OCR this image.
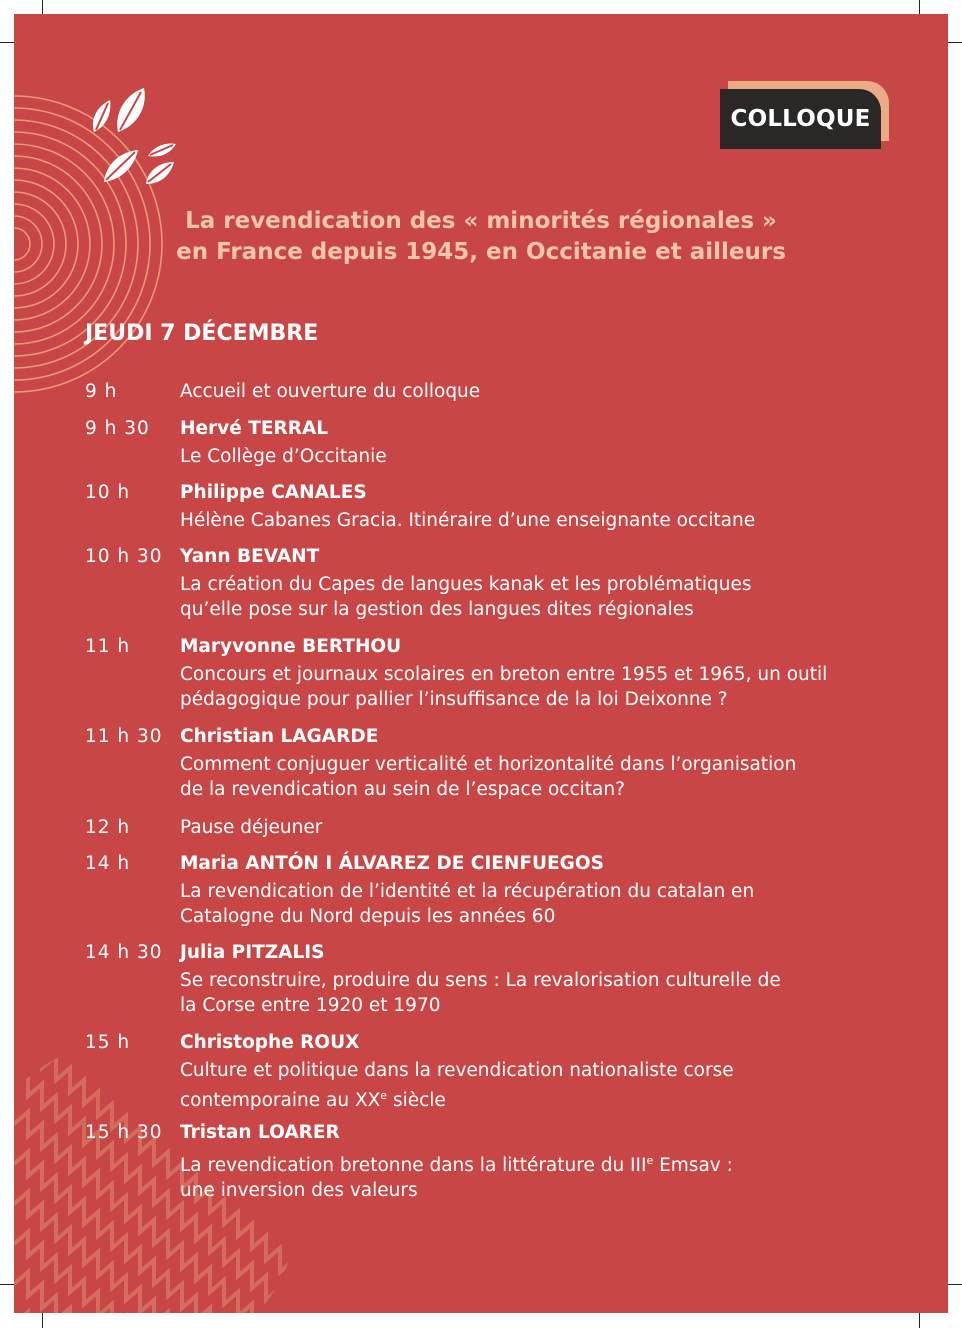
COLLOQUE
La revendication des « minorités régionales »
en France depuis 1945, en Occitanie et ailleurs
JEUDI 7 DÉCEMBRE
9 h	Accueil et ouverture du colloque
9 h 30	Hervé TERRAL
Le Collège d’Occitanie
10 h	Philippe CANALES
Hélène Cabanes Gracia. Itinéraire d’une enseignante occitane
10 h 30 Yann BEVANT
La création du Capes de langues kanak et les problématiques
qu’elle pose sur la gestion des langues dites régionales
11 h	Maryvonne BERTHOU
Concours et journaux scolaires en breton entre 1955 et 1965, un outil
pédagogique pour pallier l’insuffisance de la loi Deixonne ?
11 h 30 Christian LAGARDE
Comment conjuguer verticalité et horizontalité dans l’organisation
de la revendication au sein de l’espace occitan?
12 h	Pause déjeuner
14 h	Maria ANTÓN I ÁLVAREZ DE CIENFUEGOS
La revendication de l’identité et la récupération du catalan en
Catalogne du Nord depuis les années 60
14 h 30 Julia PITZALIS
Se reconstruire, produire du sens : La revalorisation culturelle de
la Corse entre 1920 et 1970
15 h	Christophe ROUX
Culture et politique dans la revendication nationaliste corse
contemporaine au XXe siècle
15 h 30 Tristan LOARER
La revendication bretonne dans la littérature du IIIe Emsav :
une inversion des valeurs
